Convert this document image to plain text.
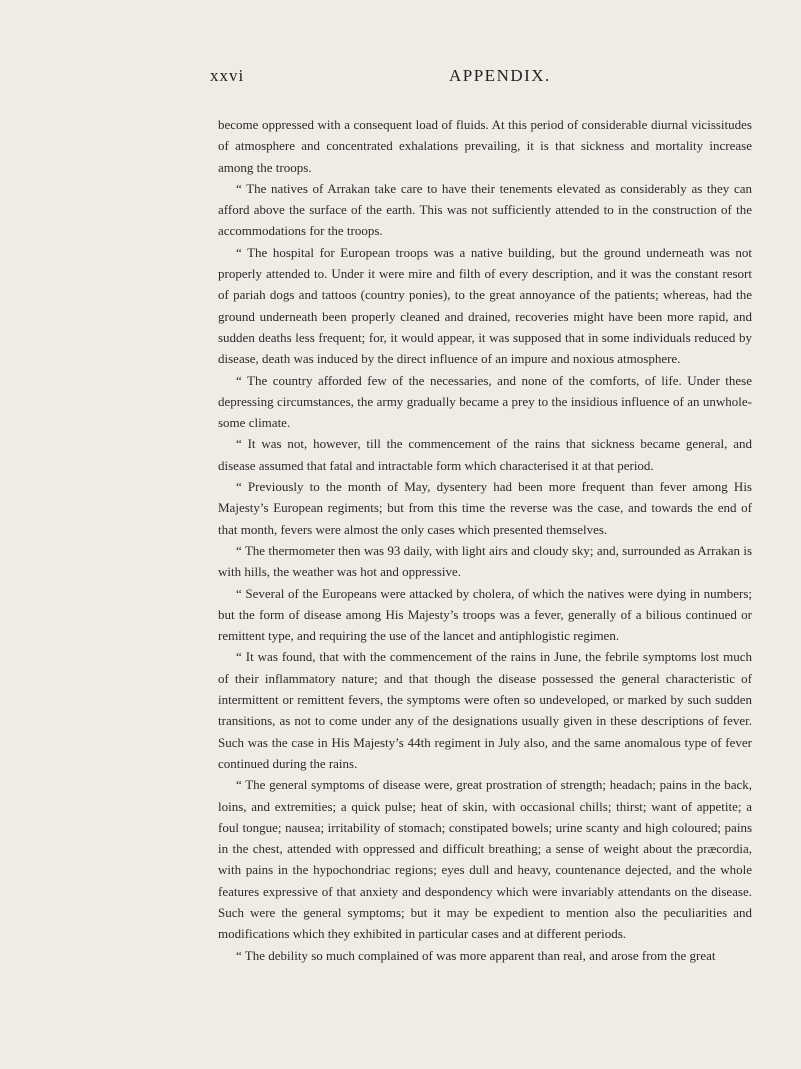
xxvi	APPENDIX.

become oppressed with a consequent load of fluids. At this period of considerable diurnal vicissitudes of atmosphere and concentrated exhalations prevailing, it is that sickness and mortality increase among the troops.

“ The natives of Arrakan take care to have their tenements elevated as considerably as they can afford above the surface of the earth. This was not sufficiently attended to in the construction of the accommodations for the troops.

“ The hospital for European troops was a native building, but the ground underneath was not properly attended to. Under it were mire and filth of every description, and it was the constant resort of pariah dogs and tattoos (country ponies), to the great annoyance of the patients; whereas, had the ground underneath been properly cleaned and drained, recoveries might have been more rapid, and sudden deaths less frequent; for, it would appear, it was supposed that in some individuals reduced by disease, death was induced by the direct influence of an impure and noxious atmosphere.

“ The country afforded few of the necessaries, and none of the comforts, of life. Under these depressing circumstances, the army gradually became a prey to the insidious influence of an unwholesome climate.

“ It was not, however, till the commencement of the rains that sickness became general, and disease assumed that fatal and intractable form which characterised it at that period.

“ Previously to the month of May, dysentery had been more frequent than fever among His Majesty’s European regiments; but from this time the reverse was the case, and towards the end of that month, fevers were almost the only cases which presented themselves.

“ The thermometer then was 93 daily, with light airs and cloudy sky; and, surrounded as Arrakan is with hills, the weather was hot and oppressive.

“ Several of the Europeans were attacked by cholera, of which the natives were dying in numbers; but the form of disease among His Majesty’s troops was a fever, generally of a bilious continued or remittent type, and requiring the use of the lancet and antiphlogistic regimen.

“ It was found, that with the commencement of the rains in June, the febrile symptoms lost much of their inflammatory nature; and that though the disease possessed the general characteristic of intermittent or remittent fevers, the symptoms were often so undeveloped, or marked by such sudden transitions, as not to come under any of the designations usually given in these descriptions of fever. Such was the case in His Majesty’s 44th regiment in July also, and the same anomalous type of fever continued during the rains.

“ The general symptoms of disease were, great prostration of strength; headach; pains in the back, loins, and extremities; a quick pulse; heat of skin, with occasional chills; thirst; want of appetite; a foul tongue; nausea; irritability of stomach; constipated bowels; urine scanty and high coloured; pains in the chest, attended with oppressed and difficult breathing; a sense of weight about the præcordia, with pains in the hypochondriac regions; eyes dull and heavy, countenance dejected, and the whole features expressive of that anxiety and despondency which were invariably attendants on the disease. Such were the general symptoms; but it may be expedient to mention also the peculiarities and modifications which they exhibited in particular cases and at different periods.

“ The debility so much complained of was more apparent than real, and arose from the great
